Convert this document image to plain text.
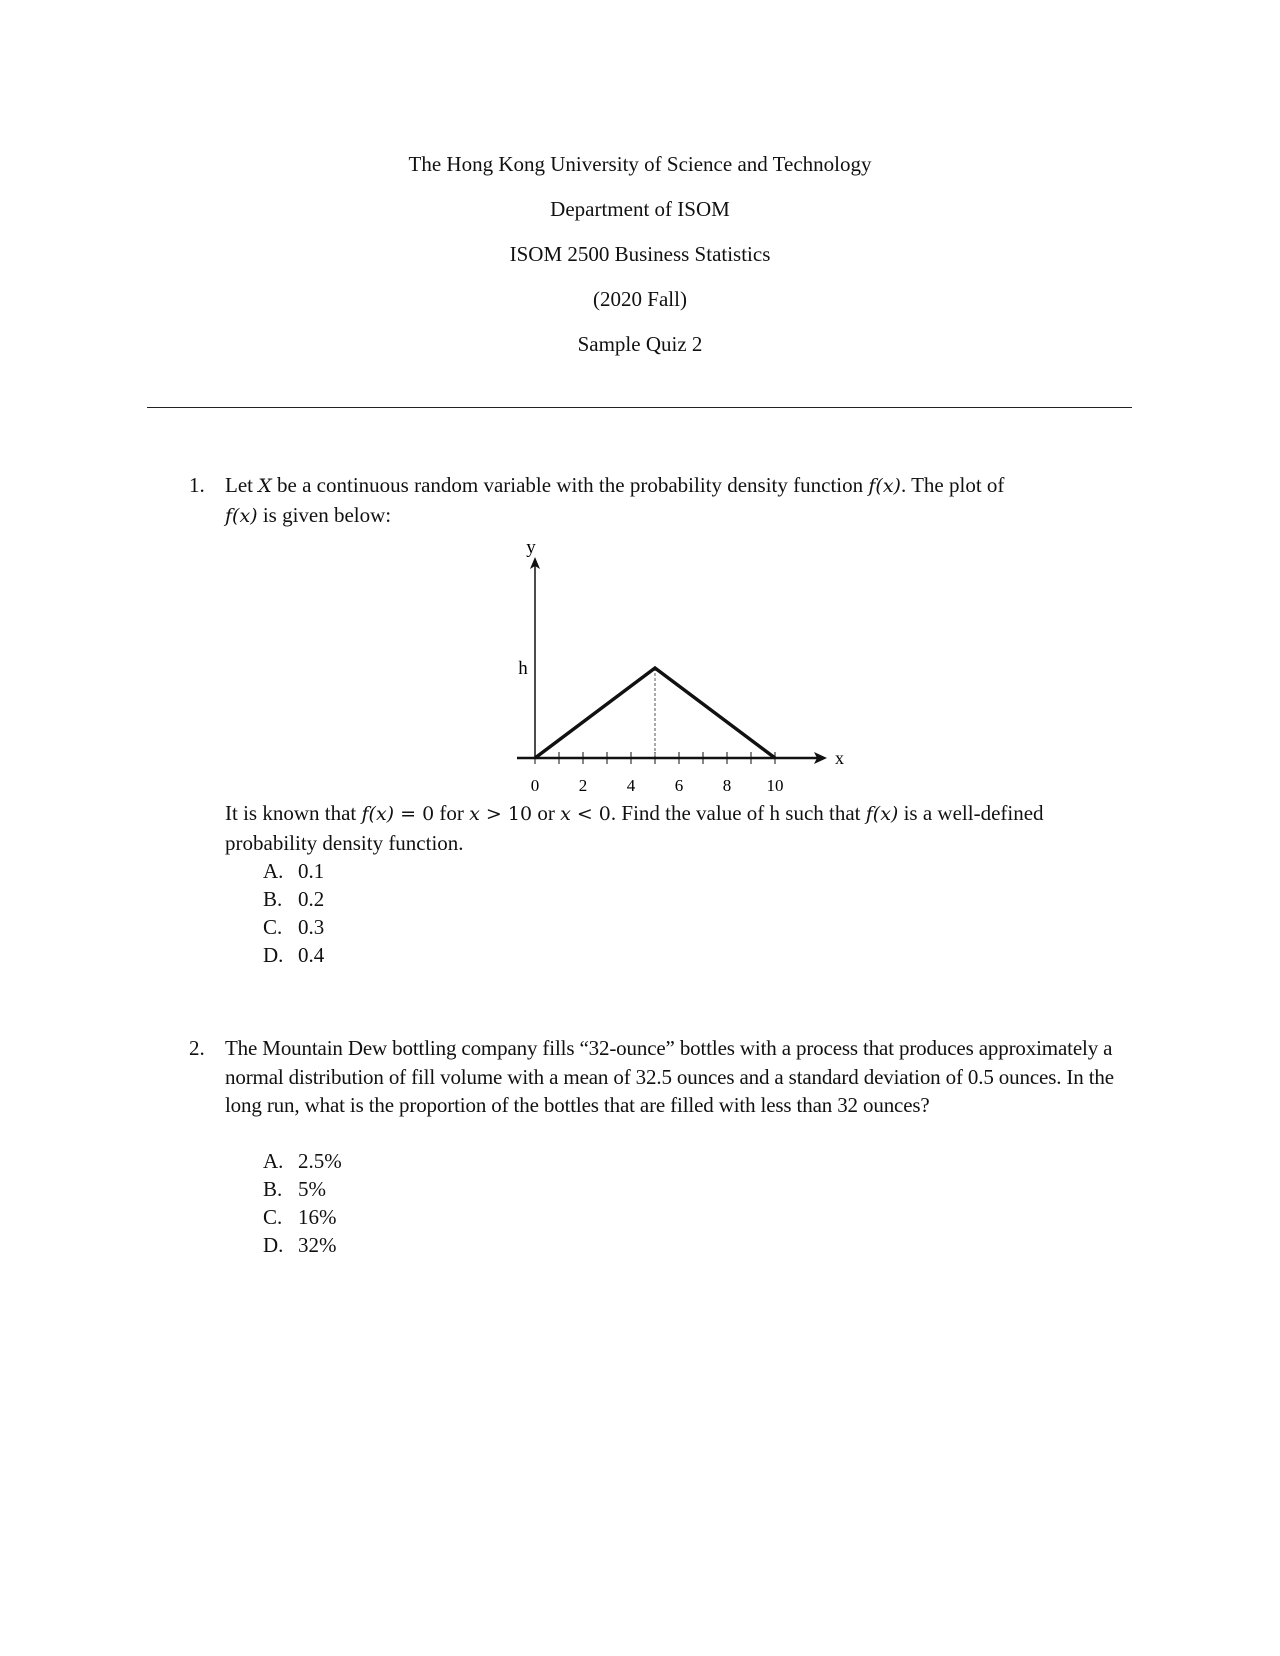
The Hong Kong University of Science and Technology
Department of ISOM
ISOM 2500 Business Statistics
(2020 Fall)
Sample Quiz 2
1. Let X be a continuous random variable with the probability density function f(x). The plot of
f(x) is given below:
y
x
0 2 4 6 8 10
h
It is known that f(x) = 0 for x > 10 or x < 0. Find the value of h such that f(x) is a well-defined probability density function.
A. 0.1
B. 0.2
C. 0.3
D. 0.4
2. The Mountain Dew bottling company fills “32-ounce” bottles with a process that produces approximately a normal distribution of fill volume with a mean of 32.5 ounces and a standard deviation of 0.5 ounces. In the long run, what is the proportion of the bottles that are filled with less than 32 ounces?
A. 2.5%
B. 5%
C. 16%
D. 32%
